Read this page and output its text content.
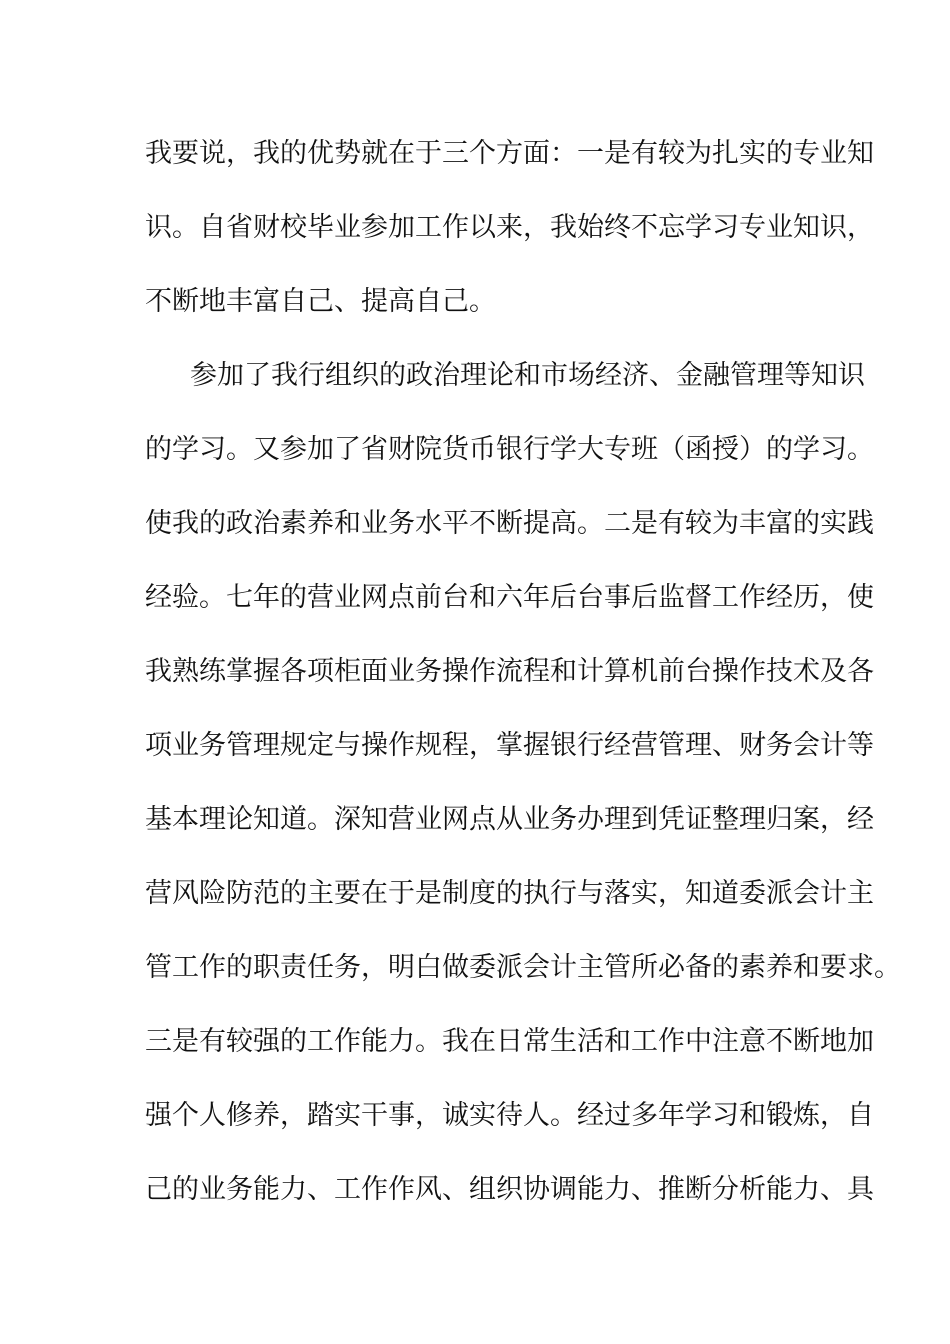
我要说，我的优势就在于三个方面：一是有较为扎实的专业知
识。自省财校毕业参加工作以来，我始终不忘学习专业知识，
不断地丰富自己、提高自己。
参加了我行组织的政治理论和市场经济、金融管理等知识
的学习。又参加了省财院货币银行学大专班（函授）的学习。
使我的政治素养和业务水平不断提高。二是有较为丰富的实践
经验。七年的营业网点前台和六年后台事后监督工作经历，使
我熟练掌握各项柜面业务操作流程和计算机前台操作技术及各
项业务管理规定与操作规程，掌握银行经营管理、财务会计等
基本理论知道。深知营业网点从业务办理到凭证整理归案，经
营风险防范的主要在于是制度的执行与落实，知道委派会计主
管工作的职责任务，明白做委派会计主管所必备的素养和要求。
三是有较强的工作能力。我在日常生活和工作中注意不断地加
强个人修养，踏实干事，诚实待人。经过多年学习和锻炼，自
己的业务能力、工作作风、组织协调能力、推断分析能力、具
